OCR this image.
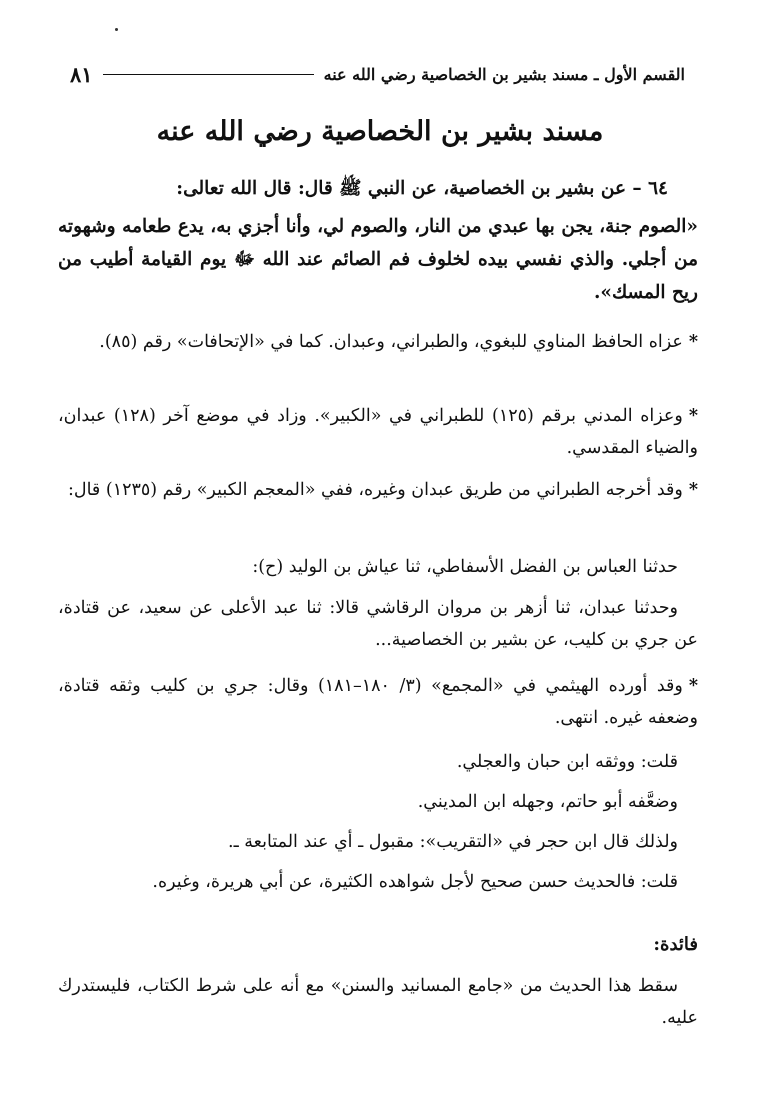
القسم الأول ـ مسند بشير بن الخصاصية رضي الله عنه
٨١
مسند بشير بن الخصاصية رضي الله عنه
٦٤ – عن بشير بن الخصاصية، عن النبي ﷺ قال: قال الله تعالى:
«الصوم جنة، يجن بها عبدي من النار، والصوم لي، وأنا أجزي به، يدع طعامه وشهوته من أجلي. والذي نفسي بيده لخلوف فم الصائم عند الله ﷻ يوم القيامة أطيب من ريح المسك».
*عزاه الحافظ المناوي للبغوي، والطبراني، وعبدان. كما في «الإتحافات» رقم (٨٥).
*وعزاه المدني برقم (١٢٥) للطبراني في «الكبير». وزاد في موضع آخر (١٢٨) عبدان، والضياء المقدسي.
*وقد أخرجه الطبراني من طريق عبدان وغيره، ففي «المعجم الكبير» رقم (١٢٣٥) قال:
حدثنا العباس بن الفضل الأسفاطي، ثنا عياش بن الوليد (ح):
وحدثنا عبدان، ثنا أزهر بن مروان الرقاشي قالا: ثنا عبد الأعلى عن سعيد، عن قتادة، عن جري بن كليب، عن بشير بن الخصاصية...
*وقد أورده الهيثمي في «المجمع» (٣/ ١٨٠–١٨١) وقال: جري بن كليب وثقه قتادة، وضعفه غيره. انتهى.
قلت: ووثقه ابن حبان والعجلي.
وضعَّفه أبو حاتم، وجهله ابن المديني.
ولذلك قال ابن حجر في «التقريب»: مقبول ـ أي عند المتابعة ـ.
قلت: فالحديث حسن صحيح لأجل شواهده الكثيرة، عن أبي هريرة، وغيره.
فائدة:
سقط هذا الحديث من «جامع المسانيد والسنن» مع أنه على شرط الكتاب، فليستدرك عليه.
